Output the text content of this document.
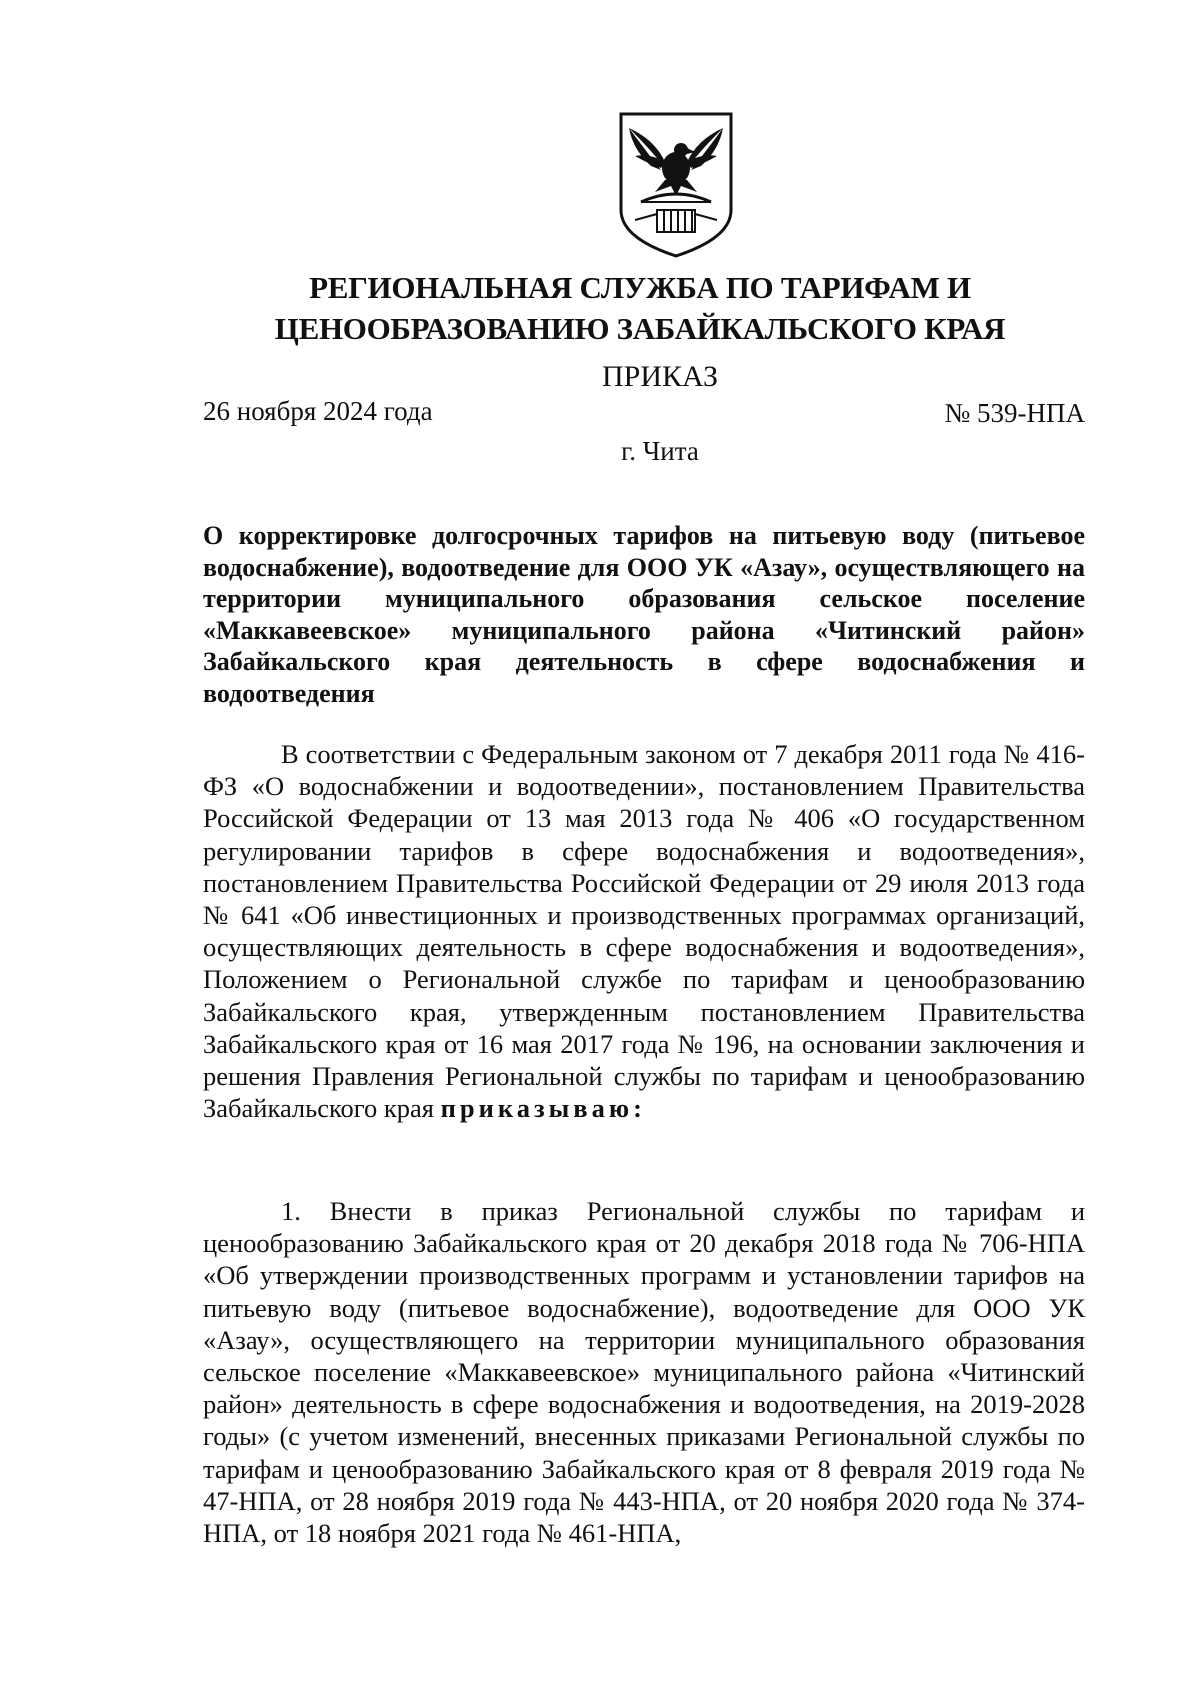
РЕГИОНАЛЬНАЯ СЛУЖБА ПО ТАРИФАМ И
ЦЕНООБРАЗОВАНИЮ ЗАБАЙКАЛЬСКОГО КРАЯ
ПРИКАЗ
26 ноября 2024 года	№ 539-НПА
г. Чита
О корректировке долгосрочных тарифов на питьевую воду (питьевое водоснабжение), водоотведение для ООО УК «Азау», осуществляющего на территории муниципального образования сельское поселение «Маккавеевское» муниципального района «Читинский район» Забайкальского края деятельность в сфере водоснабжения и водоотведения

В соответствии с Федеральным законом от 7 декабря 2011 года № 416-ФЗ «О водоснабжении и водоотведении», постановлением Правительства Российской Федерации от 13 мая 2013 года № 406 «О государственном регулировании тарифов в сфере водоснабжения и водоотведения», постановлением Правительства Российской Федерации от 29 июля 2013 года № 641 «Об инвестиционных и производственных программах организаций, осуществляющих деятельность в сфере водоснабжения и водоотведения», Положением о Региональной службе по тарифам и ценообразованию Забайкальского края, утвержденным постановлением Правительства Забайкальского края от 16 мая 2017 года № 196, на основании заключения и решения Правления Региональной службы по тарифам и ценообразованию Забайкальского края приказываю:

1. Внести в приказ Региональной службы по тарифам и ценообразованию Забайкальского края от 20 декабря 2018 года № 706-НПА «Об утверждении производственных программ и установлении тарифов на питьевую воду (питьевое водоснабжение), водоотведение для ООО УК «Азау», осуществляющего на территории муниципального образования сельское поселение «Маккавеевское» муниципального района «Читинский район» деятельность в сфере водоснабжения и водоотведения, на 2019-2028 годы» (с учетом изменений, внесенных приказами Региональной службы по тарифам и ценообразованию Забайкальского края от 8 февраля 2019 года № 47-НПА, от 28 ноября 2019 года № 443-НПА, от 20 ноября 2020 года № 374-НПА, от 18 ноября 2021 года № 461-НПА,
